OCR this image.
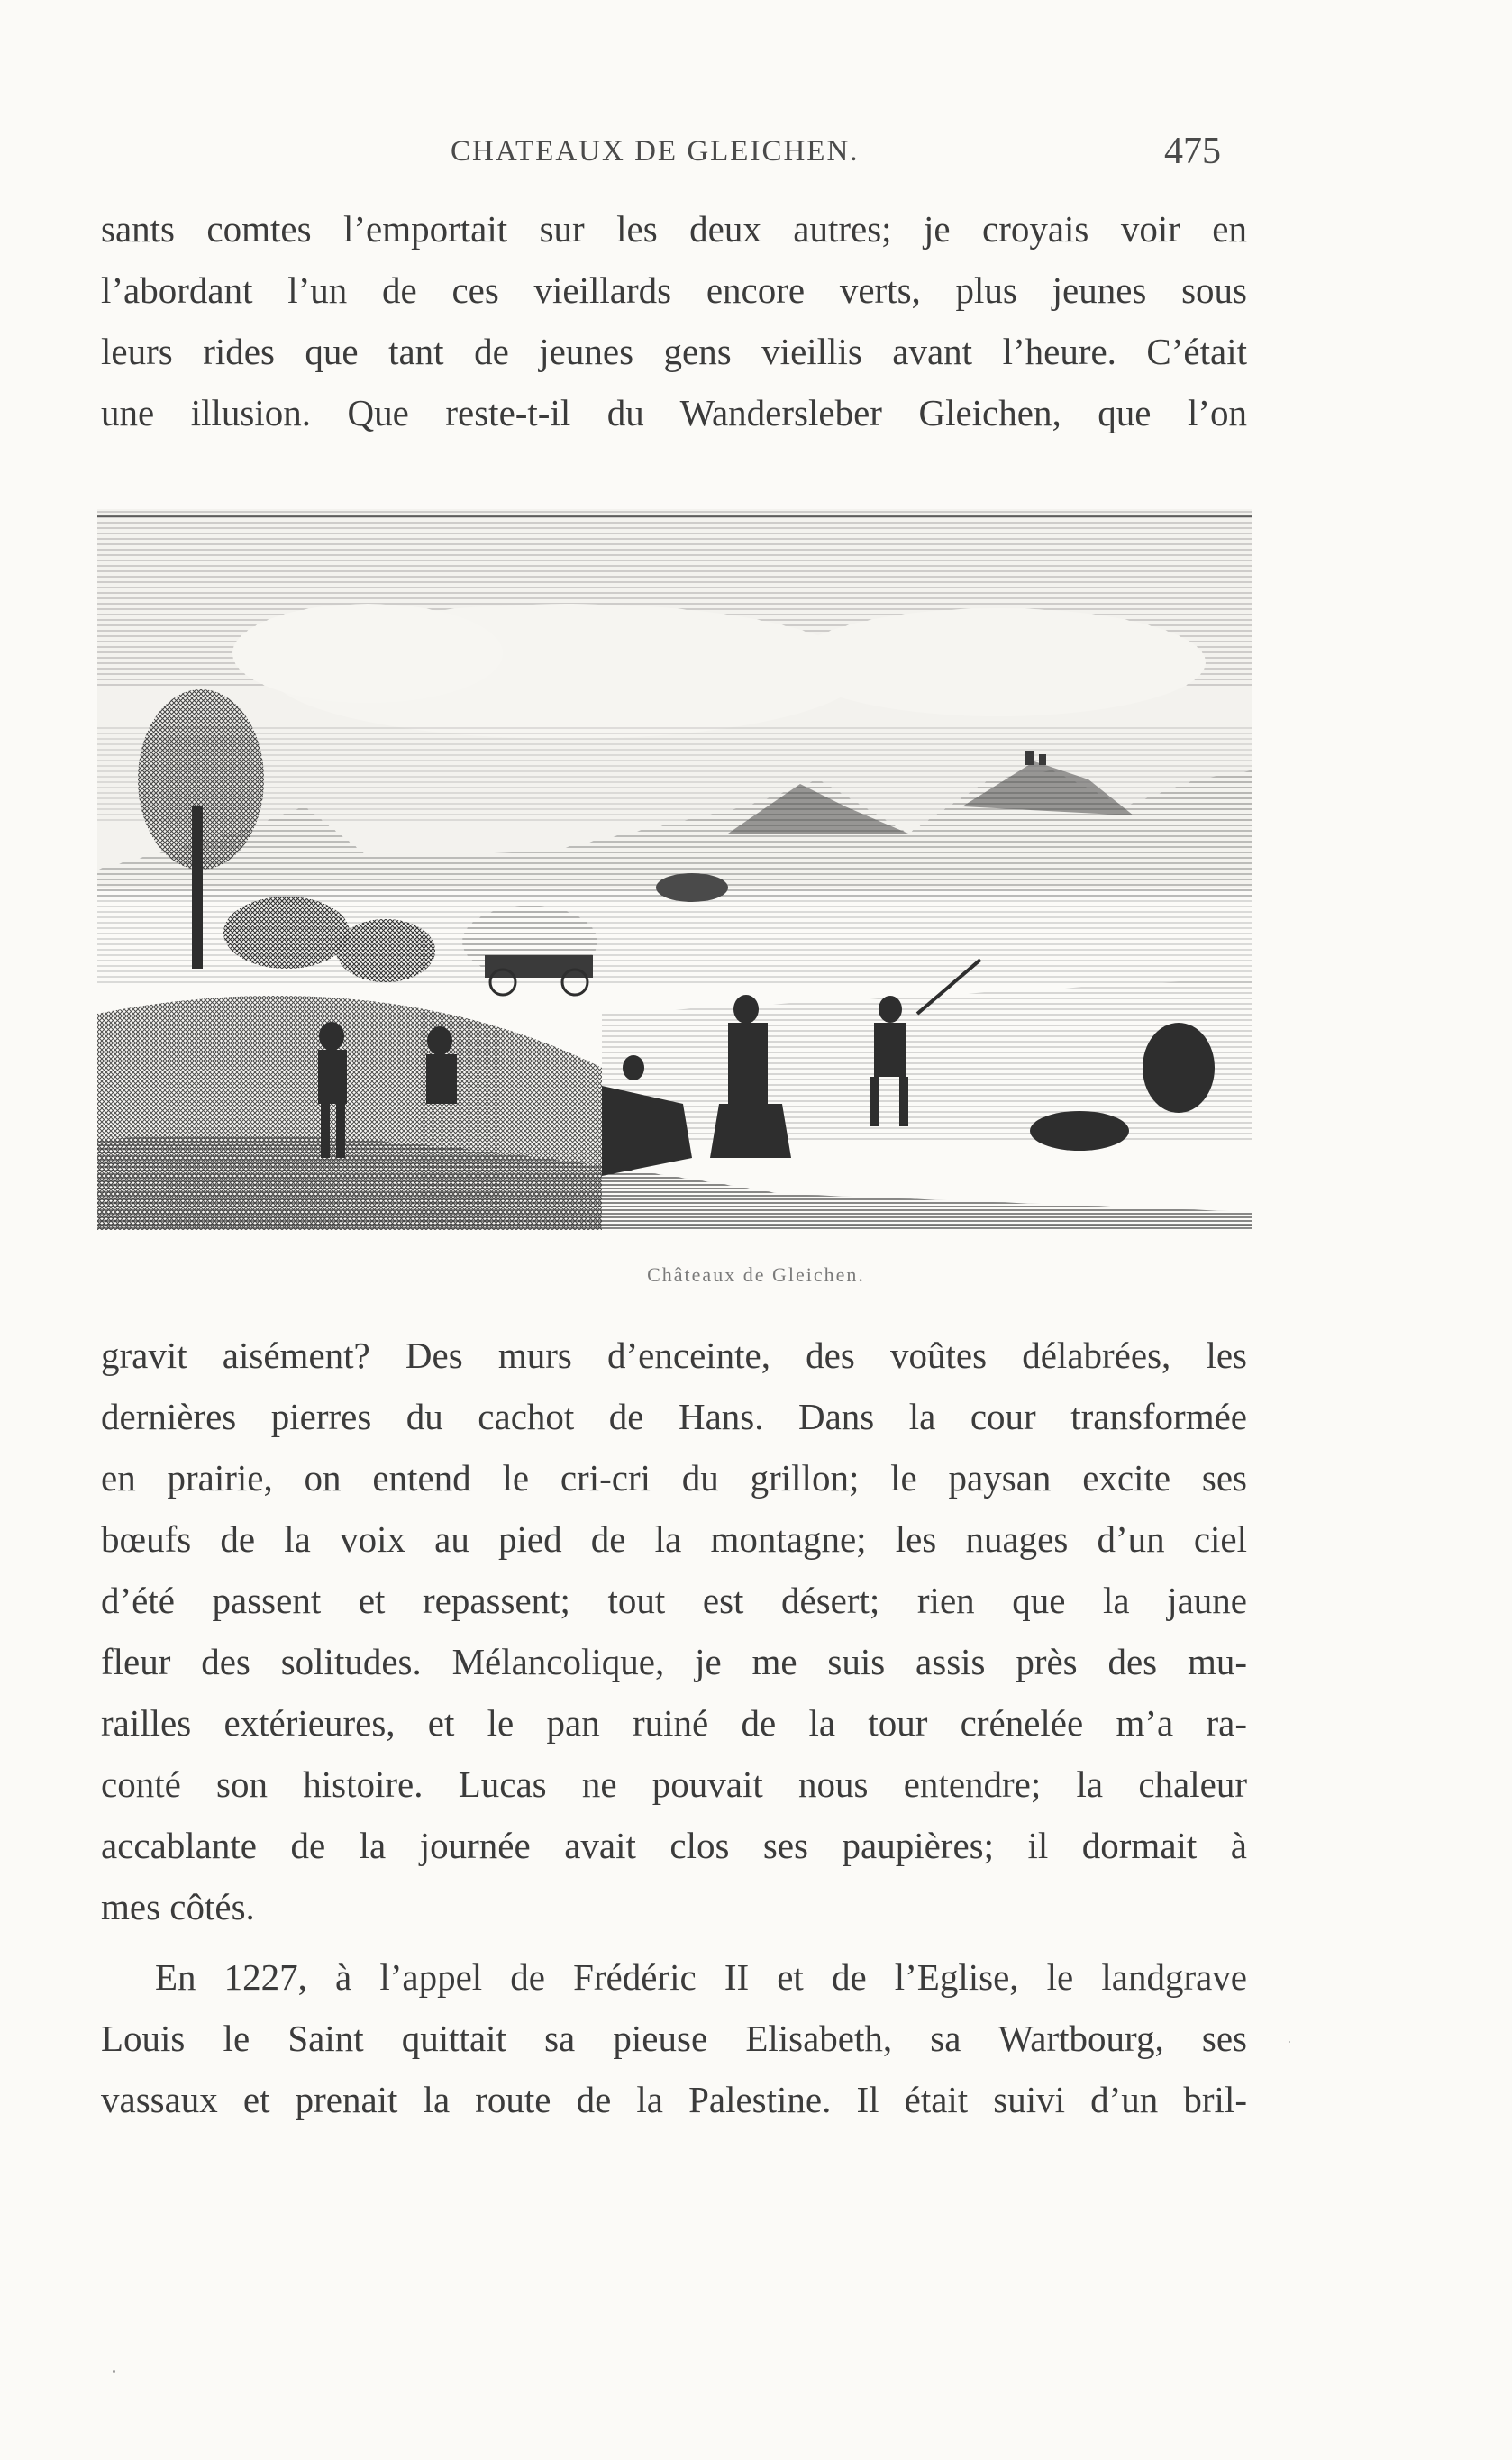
CHATEAUX DE GLEICHEN.	475
sants comtes l’emportait sur les deux autres; je croyais voir en
l’abordant l’un de ces vieillards encore verts, plus jeunes sous
leurs rides que tant de jeunes gens vieillis avant l’heure. C’était
une illusion. Que reste-t-il du Wandersleber Gleichen, que l’on
Châteaux de Gleichen.
gravit aisément? Des murs d’enceinte, des voûtes délabrées, les
dernières pierres du cachot de Hans. Dans la cour transformée
en prairie, on entend le cri-cri du grillon; le paysan excite ses
bœufs de la voix au pied de la montagne; les nuages d’un ciel
d’été passent et repassent; tout est désert; rien que la jaune
fleur des solitudes. Mélancolique, je me suis assis près des mu-
railles extérieures, et le pan ruiné de la tour crénelée m’a ra-
conté son histoire. Lucas ne pouvait nous entendre; la chaleur
accablante de la journée avait clos ses paupières; il dormait à
mes côtés.
En 1227, à l’appel de Frédéric II et de l’Eglise, le landgrave
Louis le Saint quittait sa pieuse Elisabeth, sa Wartbourg, ses
vassaux et prenait la route de la Palestine. Il était suivi d’un bril-
